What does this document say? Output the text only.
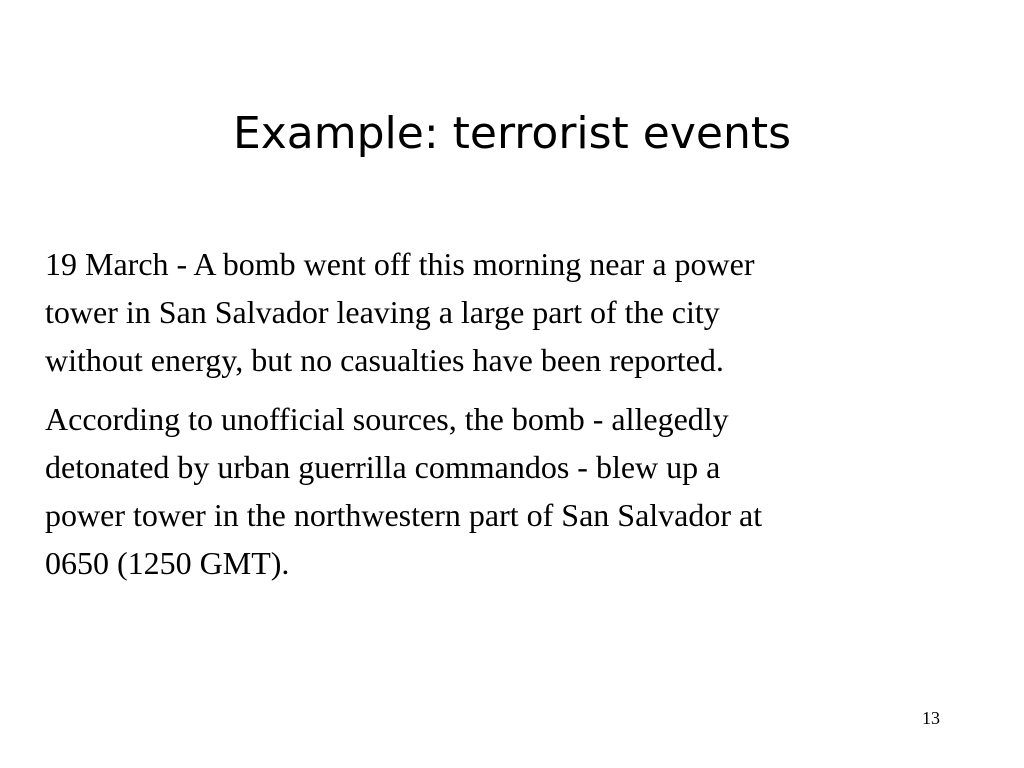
Example: terrorist events

19 March - A bomb went off this morning near a power
tower in San Salvador leaving a large part of the city
without energy, but no casualties have been reported.

According to unofficial sources, the bomb - allegedly
detonated by urban guerrilla commandos - blew up a
power tower in the northwestern part of San Salvador at
0650 (1250 GMT).

13
